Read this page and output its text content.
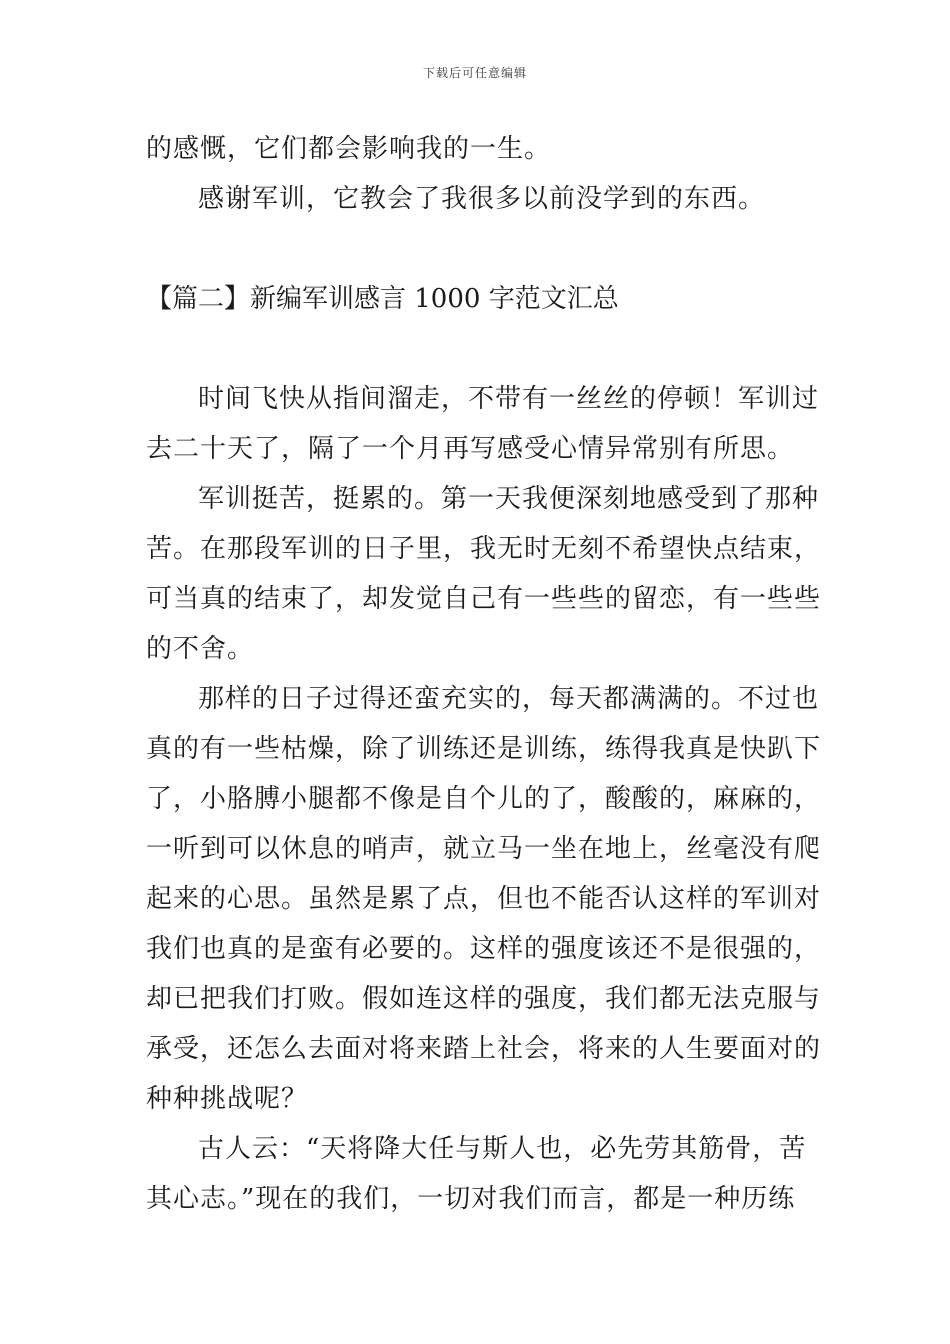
下载后可任意编辑
的感慨，它们都会影响我的一生。
感谢军训，它教会了我很多以前没学到的东西。
【篇二】新编军训感言 1000 字范文汇总
时间飞快从指间溜走，不带有一丝丝的停顿！军训过
去二十天了，隔了一个月再写感受心情异常别有所思。
军训挺苦，挺累的。第一天我便深刻地感受到了那种
苦。在那段军训的日子里，我无时无刻不希望快点结束，
可当真的结束了，却发觉自己有一些些的留恋，有一些些
的不舍。
那样的日子过得还蛮充实的，每天都满满的。不过也
真的有一些枯燥，除了训练还是训练，练得我真是快趴下
了，小胳膊小腿都不像是自个儿的了，酸酸的，麻麻的，
一听到可以休息的哨声，就立马一坐在地上，丝毫没有爬
起来的心思。虽然是累了点，但也不能否认这样的军训对
我们也真的是蛮有必要的。这样的强度该还不是很强的，
却已把我们打败。假如连这样的强度，我们都无法克服与
承受，还怎么去面对将来踏上社会，将来的人生要面对的
种种挑战呢？
古人云：“天将降大任与斯人也，必先劳其筋骨，苦
其心志。”现在的我们，一切对我们而言，都是一种历练
